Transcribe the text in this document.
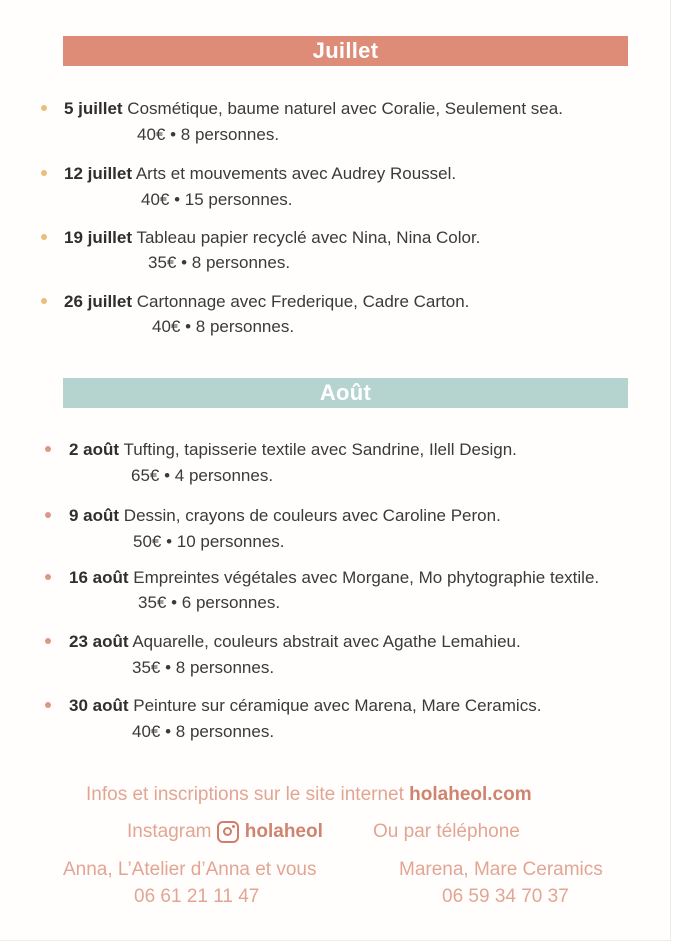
Juillet
5 juillet Cosmétique, baume naturel avec Coralie, Seulement sea.
40€ • 8 personnes.
12 juillet Arts et mouvements avec Audrey Roussel.
40€ • 15 personnes.
19 juillet Tableau papier recyclé avec Nina, Nina Color.
35€ • 8 personnes.
26 juillet Cartonnage avec Frederique, Cadre Carton.
40€ • 8 personnes.
Août
2 août Tufting, tapisserie textile avec Sandrine, Ilell Design.
65€ • 4 personnes.
9 août Dessin, crayons de couleurs avec Caroline Peron.
50€ • 10 personnes.
16 août Empreintes végétales avec Morgane, Mo phytographie textile.
35€ • 6 personnes.
23 août Aquarelle, couleurs abstrait avec Agathe Lemahieu.
35€ • 8 personnes.
30 août Peinture sur céramique avec Marena, Mare Ceramics.
40€ • 8 personnes.
Infos et inscriptions sur le site internet holaheol.com
Instagram holaheol	Ou par téléphone
Anna, L’Atelier d’Anna et vous
06 61 21 11 47
Marena, Mare Ceramics
06 59 34 70 37
